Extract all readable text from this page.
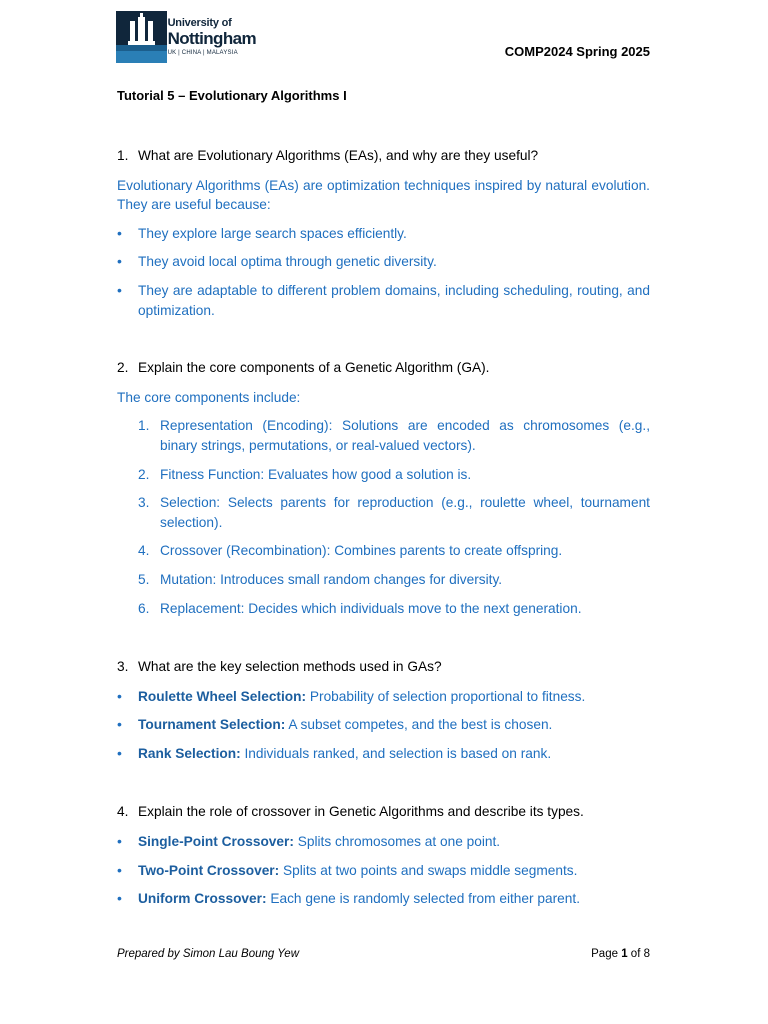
University of
Nottingham
UK | CHINA | MALAYSIA	COMP2024 Spring 2025
Tutorial 5 – Evolutionary Algorithms I
1. What are Evolutionary Algorithms (EAs), and why are they useful?

Evolutionary Algorithms (EAs) are optimization techniques inspired by natural evolution. They are useful because:

•	They explore large search spaces efficiently.
•	They avoid local optima through genetic diversity.
•	They are adaptable to different problem domains, including scheduling, routing, and optimization.
2. Explain the core components of a Genetic Algorithm (GA).

The core components include:

1. Representation (Encoding): Solutions are encoded as chromosomes (e.g., binary strings, permutations, or real-valued vectors).
2. Fitness Function: Evaluates how good a solution is.
3. Selection: Selects parents for reproduction (e.g., roulette wheel, tournament selection).
4. Crossover (Recombination): Combines parents to create offspring.
5. Mutation: Introduces small random changes for diversity.
6. Replacement: Decides which individuals move to the next generation.
3. What are the key selection methods used in GAs?
•	Roulette Wheel Selection: Probability of selection proportional to fitness.
•	Tournament Selection: A subset competes, and the best is chosen.
•	Rank Selection: Individuals ranked, and selection is based on rank.
4. Explain the role of crossover in Genetic Algorithms and describe its types.
•	Single-Point Crossover: Splits chromosomes at one point.
•	Two-Point Crossover: Splits at two points and swaps middle segments.
•	Uniform Crossover: Each gene is randomly selected from either parent.
Prepared by Simon Lau Boung Yew	Page 1 of 8
